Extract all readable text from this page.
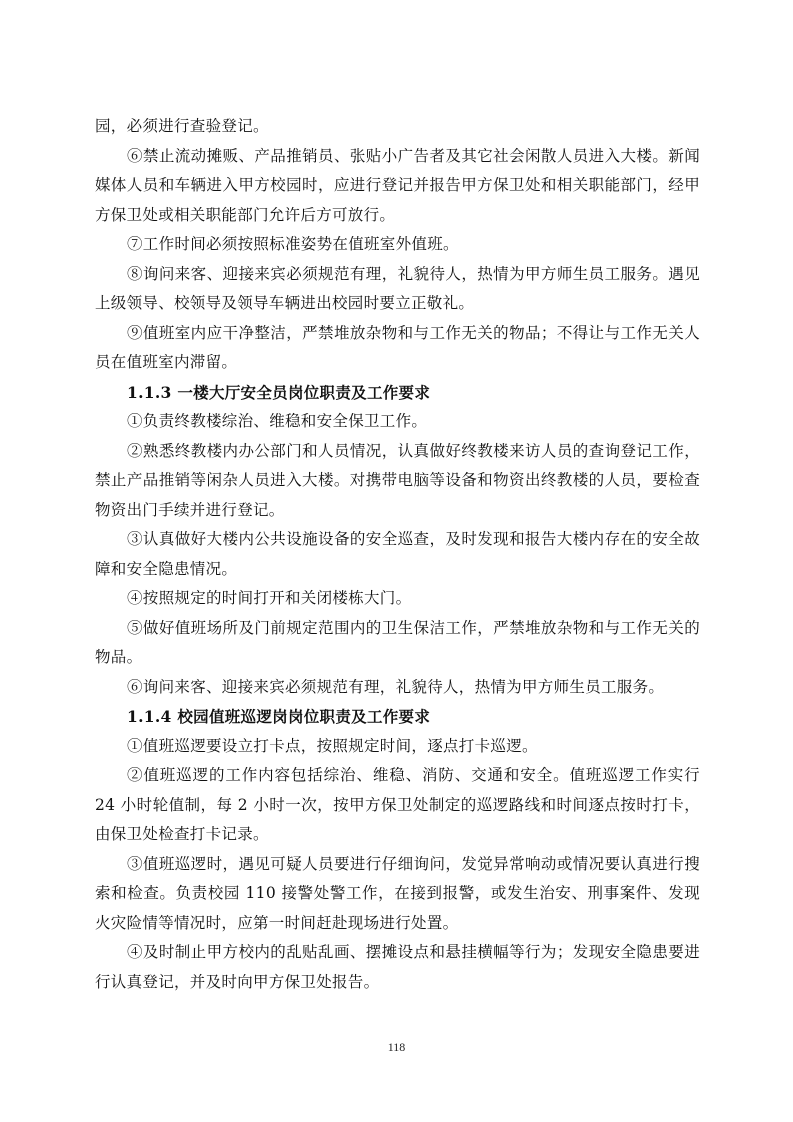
园，必须进行查验登记。

⑥禁止流动摊贩、产品推销员、张贴小广告者及其它社会闲散人员进入大楼。新闻媒体人员和车辆进入甲方校园时，应进行登记并报告甲方保卫处和相关职能部门，经甲方保卫处或相关职能部门允许后方可放行。

⑦工作时间必须按照标准姿势在值班室外值班。

⑧询问来客、迎接来宾必须规范有理，礼貌待人，热情为甲方师生员工服务。遇见上级领导、校领导及领导车辆进出校园时要立正敬礼。

⑨值班室内应干净整洁，严禁堆放杂物和与工作无关的物品；不得让与工作无关人员在值班室内滞留。

1.1.3 一楼大厅安全员岗位职责及工作要求

①负责终教楼综治、维稳和安全保卫工作。

②熟悉终教楼内办公部门和人员情况，认真做好终教楼来访人员的查询登记工作，禁止产品推销等闲杂人员进入大楼。对携带电脑等设备和物资出终教楼的人员，要检查物资出门手续并进行登记。

③认真做好大楼内公共设施设备的安全巡查，及时发现和报告大楼内存在的安全故障和安全隐患情况。

④按照规定的时间打开和关闭楼栋大门。

⑤做好值班场所及门前规定范围内的卫生保洁工作，严禁堆放杂物和与工作无关的物品。

⑥询问来客、迎接来宾必须规范有理，礼貌待人，热情为甲方师生员工服务。

1.1.4 校园值班巡逻岗岗位职责及工作要求

①值班巡逻要设立打卡点，按照规定时间，逐点打卡巡逻。

②值班巡逻的工作内容包括综治、维稳、消防、交通和安全。值班巡逻工作实行24 小时轮值制，每 2 小时一次，按甲方保卫处制定的巡逻路线和时间逐点按时打卡，由保卫处检查打卡记录。

③值班巡逻时，遇见可疑人员要进行仔细询问，发觉异常响动或情况要认真进行搜索和检查。负责校园 110 接警处警工作，在接到报警，或发生治安、刑事案件、发现火灾险情等情况时，应第一时间赶赴现场进行处置。

④及时制止甲方校内的乱贴乱画、摆摊设点和悬挂横幅等行为；发现安全隐患要进行认真登记，并及时向甲方保卫处报告。

118
